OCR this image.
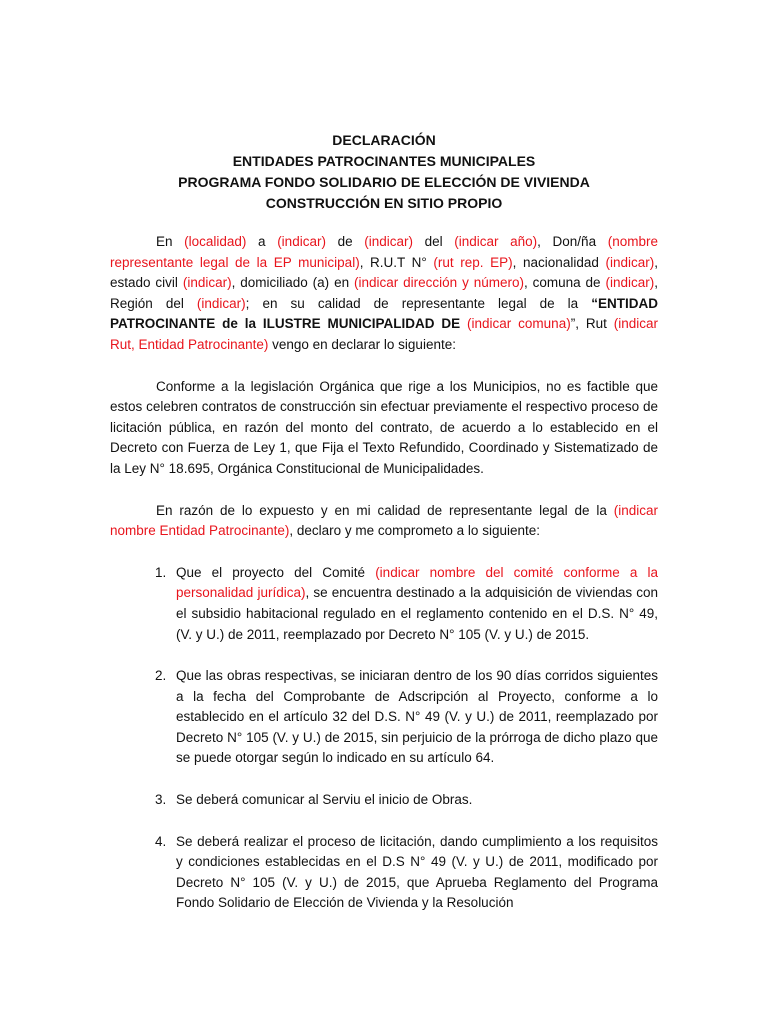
DECLARACIÓN
ENTIDADES PATROCINANTES MUNICIPALES
PROGRAMA FONDO SOLIDARIO DE ELECCIÓN DE VIVIENDA
CONSTRUCCIÓN EN SITIO PROPIO

En (localidad) a (indicar) de (indicar) del (indicar año), Don/ña (nombre representante legal de la EP municipal), R.U.T N° (rut rep. EP), nacionalidad (indicar), estado civil (indicar), domiciliado (a) en (indicar dirección y número), comuna de (indicar), Región del (indicar); en su calidad de representante legal de la “ENTIDAD PATROCINANTE de la ILUSTRE MUNICIPALIDAD DE (indicar comuna)”, Rut (indicar Rut, Entidad Patrocinante) vengo en declarar lo siguiente:

Conforme a la legislación Orgánica que rige a los Municipios, no es factible que estos celebren contratos de construcción sin efectuar previamente el respectivo proceso de licitación pública, en razón del monto del contrato, de acuerdo a lo establecido en el Decreto con Fuerza de Ley 1, que Fija el Texto Refundido, Coordinado y Sistematizado de la Ley N° 18.695, Orgánica Constitucional de Municipalidades.

En razón de lo expuesto y en mi calidad de representante legal de la (indicar nombre Entidad Patrocinante), declaro y me comprometo a lo siguiente:

1. Que el proyecto del Comité (indicar nombre del comité conforme a la personalidad jurídica), se encuentra destinado a la adquisición de viviendas con el subsidio habitacional regulado en el reglamento contenido en el D.S. N° 49, (V. y U.) de 2011, reemplazado por Decreto N° 105 (V. y U.) de 2015.
2. Que las obras respectivas, se iniciaran dentro de los 90 días corridos siguientes a la fecha del Comprobante de Adscripción al Proyecto, conforme a lo establecido en el artículo 32 del D.S. N° 49 (V. y U.) de 2011, reemplazado por Decreto N° 105 (V. y U.) de 2015, sin perjuicio de la prórroga de dicho plazo que se puede otorgar según lo indicado en su artículo 64.
3. Se deberá comunicar al Serviu el inicio de Obras.
4. Se deberá realizar el proceso de licitación, dando cumplimiento a los requisitos y condiciones establecidas en el D.S N° 49 (V. y U.) de 2011, modificado por Decreto N° 105 (V. y U.) de 2015, que Aprueba Reglamento del Programa Fondo Solidario de Elección de Vivienda y la Resolución
